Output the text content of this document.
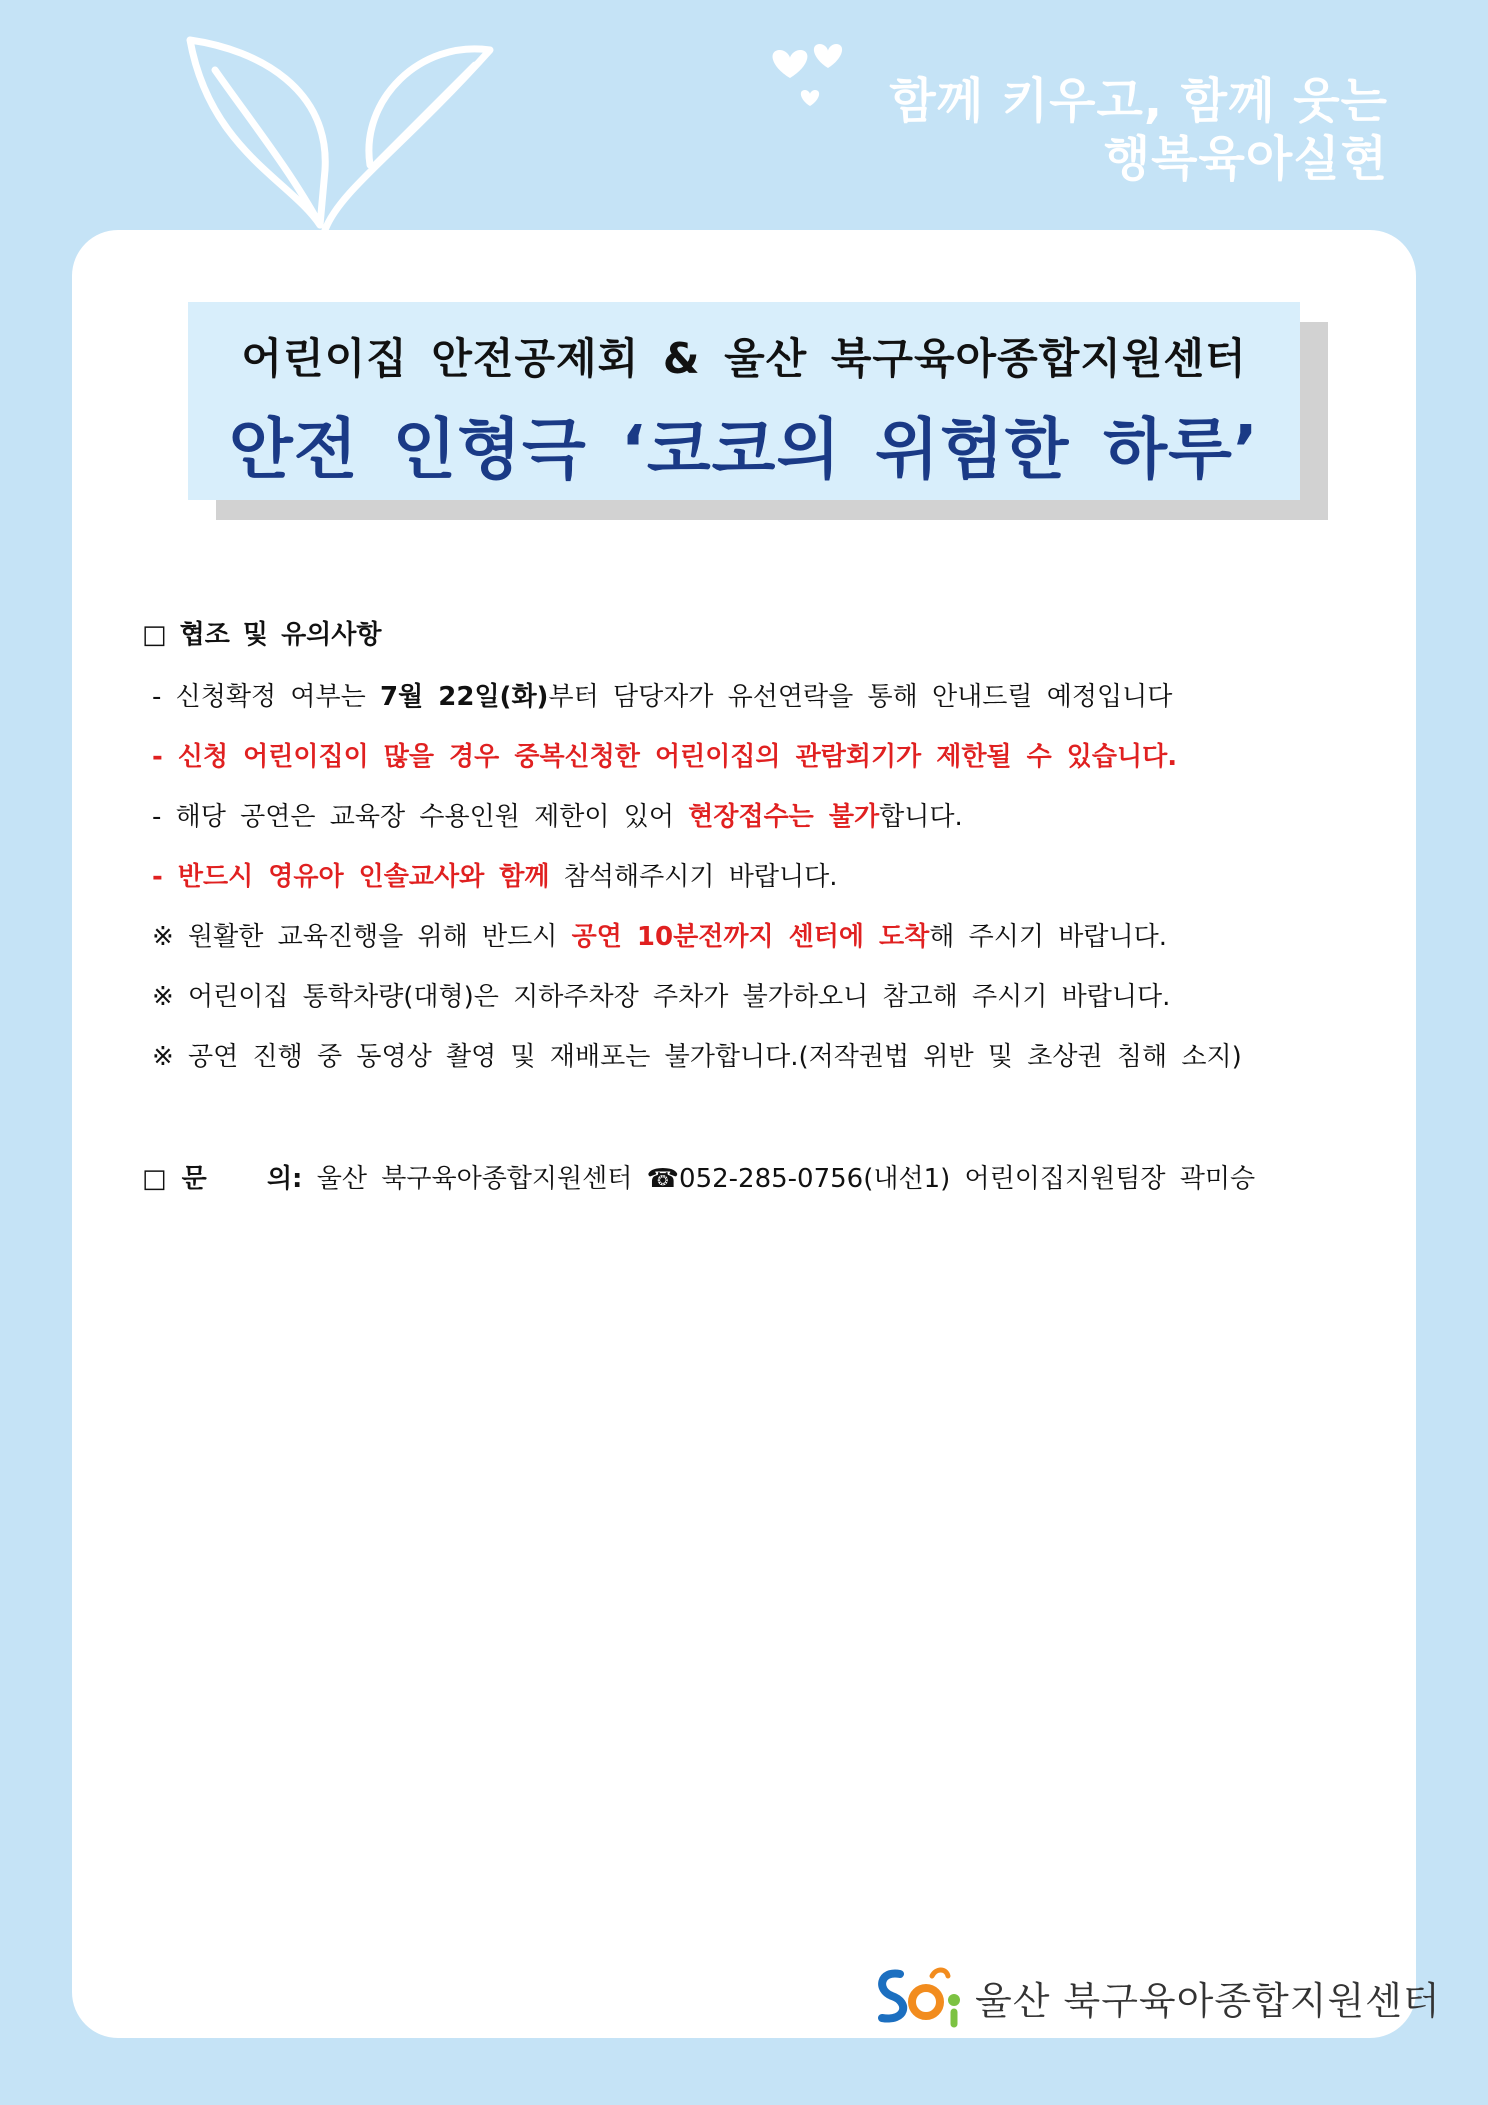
함께 키우고, 함께 웃는
행복육아실현
어린이집 안전공제회 & 울산 북구육아종합지원센터
안전 인형극 ‘코코의 위험한 하루’
□ 협조 및 유의사항
- 신청확정 여부는 7월 22일(화)부터 담당자가 유선연락을 통해 안내드릴 예정입니다
- 신청 어린이집이 많을 경우 중복신청한 어린이집의 관람회기가 제한될 수 있습니다.
- 해당 공연은 교육장 수용인원 제한이 있어 현장접수는 불가합니다.
- 반드시 영유아 인솔교사와 함께 참석해주시기 바랍니다.
※ 원활한 교육진행을 위해 반드시 공연 10분전까지 센터에 도착해 주시기 바랍니다.
※ 어린이집 통학차량(대형)은 지하주차장 주차가 불가하오니 참고해 주시기 바랍니다.
※ 공연 진행 중 동영상 촬영 및 재배포는 불가합니다.(저작권법 위반 및 초상권 침해 소지)
□ 문    의: 울산 북구육아종합지원센터 ☎052-285-0756(내선1) 어린이집지원팀장 곽미승
울산 북구육아종합지원센터
